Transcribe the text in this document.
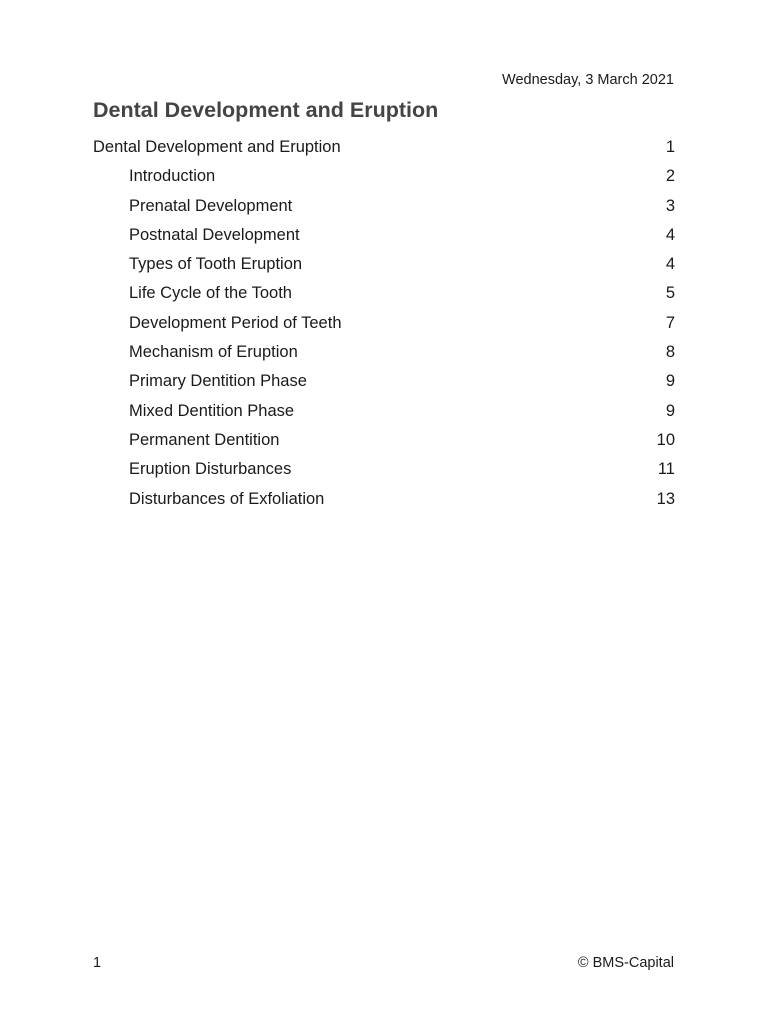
Wednesday, 3 March 2021
Dental Development and Eruption
Dental Development and Eruption	1
Introduction	2
Prenatal Development	3
Postnatal Development	4
Types of Tooth Eruption	4
Life Cycle of the Tooth	5
Development Period of Teeth	7
Mechanism of Eruption	8
Primary Dentition Phase	9
Mixed Dentition Phase	9
Permanent Dentition	10
Eruption Disturbances	11
Disturbances of Exfoliation	13
1	© BMS-Capital
